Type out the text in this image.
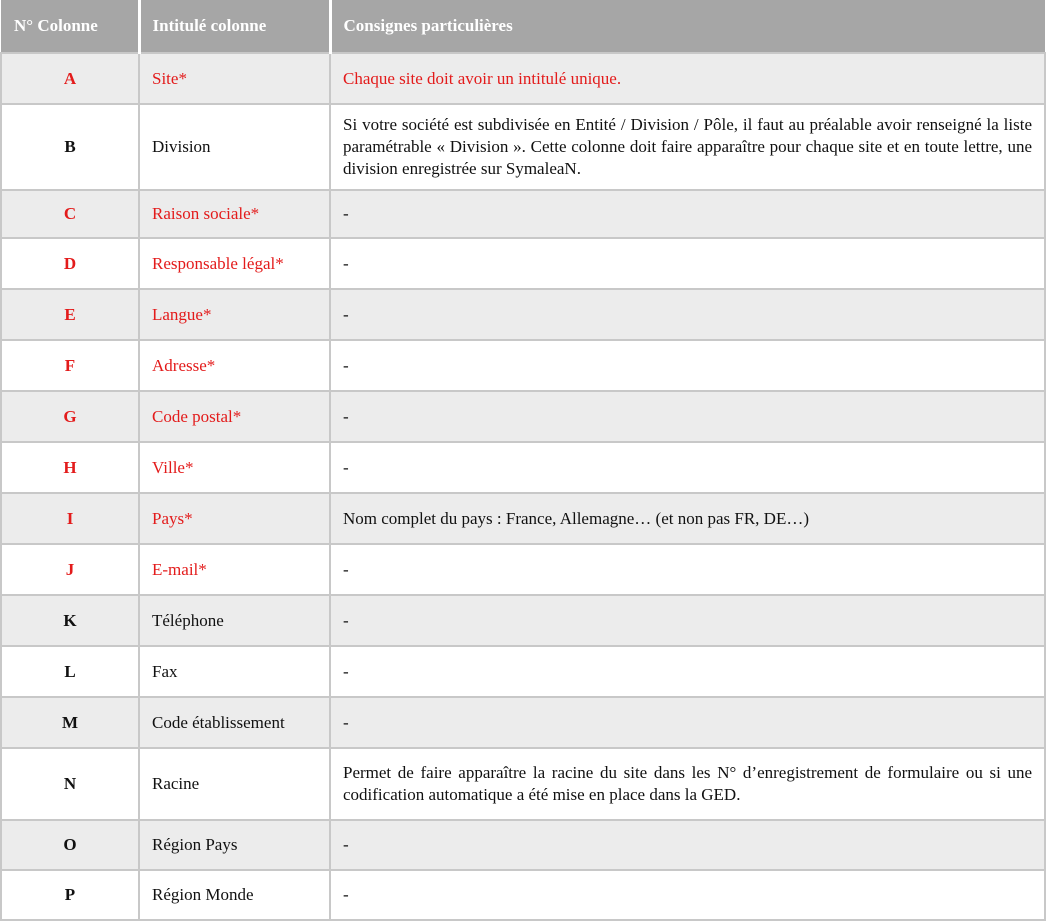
N° Colonne	Intitulé colonne	Consignes particulières
A	Site*	Chaque site doit avoir un intitulé unique.
B	Division	Si votre société est subdivisée en Entité / Division / Pôle, il faut au préalable avoir renseigné la liste paramétrable « Division ». Cette colonne doit faire apparaître pour chaque site et en toute lettre, une division enregistrée sur SymaleaN.
C	Raison sociale*	-
D	Responsable légal*	-
E	Langue*	-
F	Adresse*	-
G	Code postal*	-
H	Ville*	-
I	Pays*	Nom complet du pays : France, Allemagne… (et non pas FR, DE…)
J	E-mail*	-
K	Téléphone	-
L	Fax	-
M	Code établissement	-
N	Racine	Permet de faire apparaître la racine du site dans les N° d’enregistrement de formulaire ou si une codification automatique a été mise en place dans la GED.
O	Région Pays	-
P	Région Monde	-
